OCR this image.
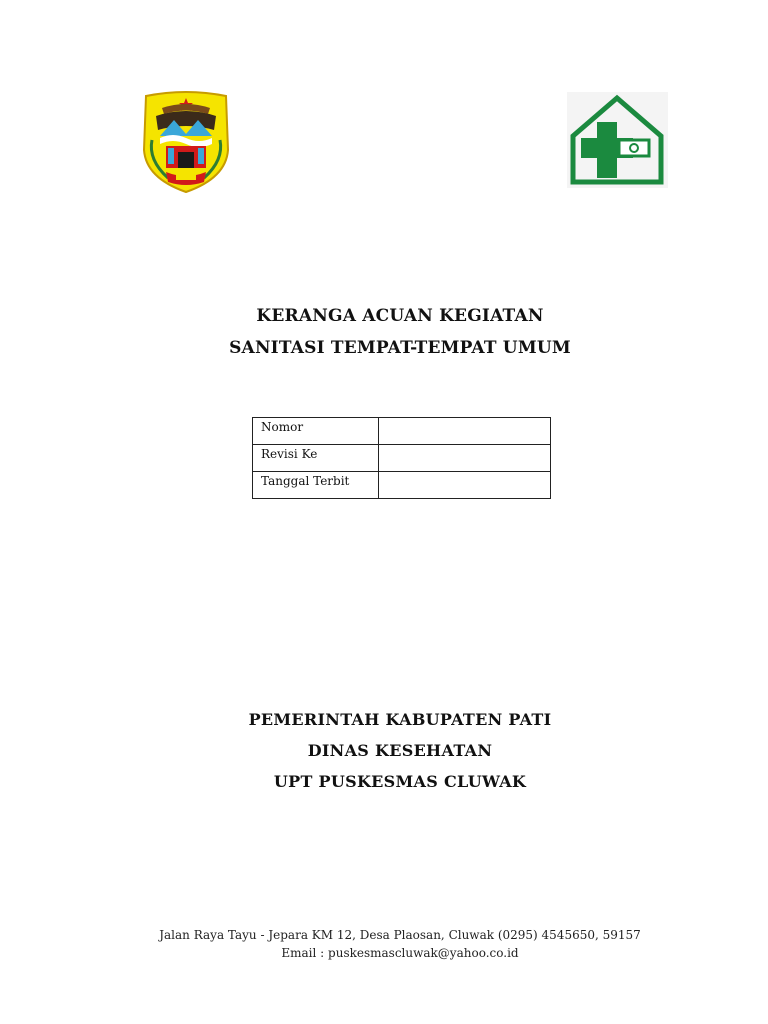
KERANGA ACUAN KEGIATAN
SANITASI TEMPAT-TEMPAT UMUM
Nomor	
Revisi Ke	
Tanggal Terbit	
PEMERINTAH KABUPATEN PATI
DINAS KESEHATAN
UPT PUSKESMAS CLUWAK
Jalan Raya Tayu - Jepara KM 12, Desa Plaosan, Cluwak (0295) 4545650, 59157
Email : puskesmascluwak@yahoo.co.id
